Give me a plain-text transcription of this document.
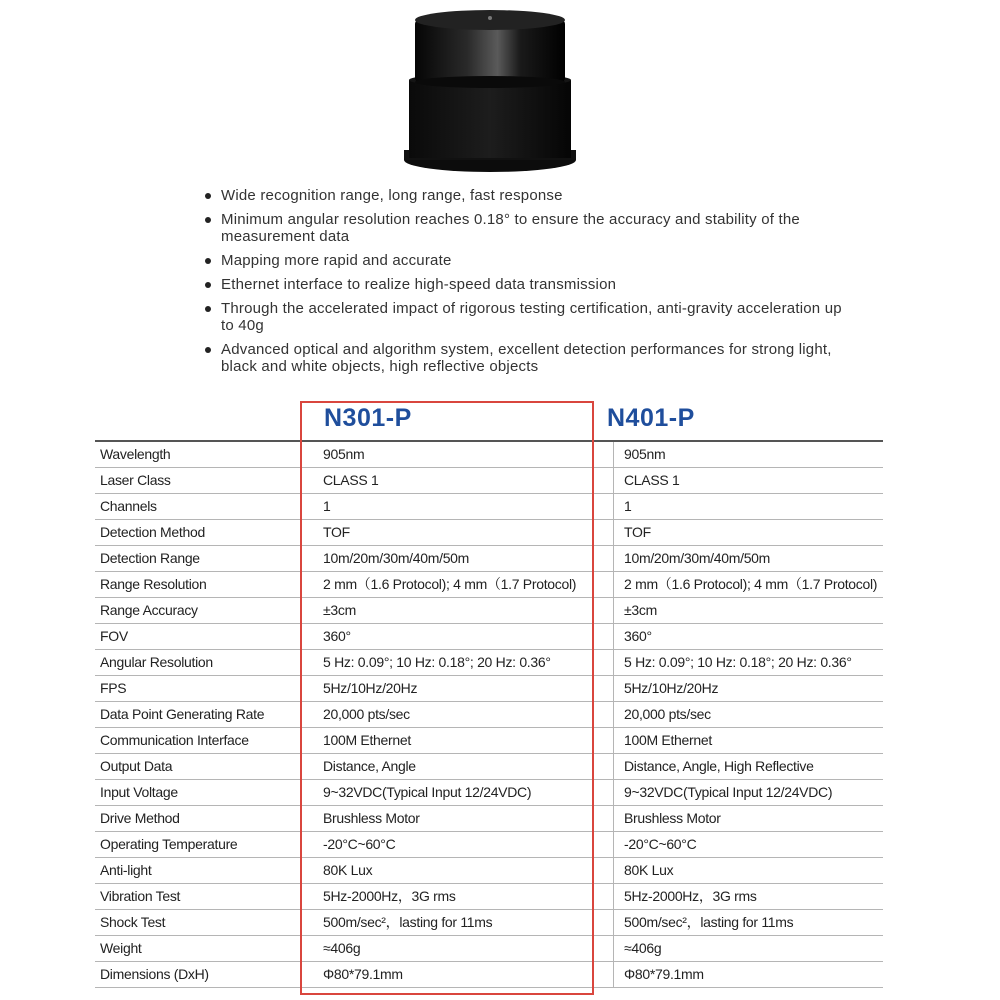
Wide recognition range, long range, fast response
Minimum angular resolution reaches 0.18° to ensure the accuracy and stability of the measurement data
Mapping more rapid and accurate
Ethernet interface to realize high-speed data transmission
Through the accelerated impact of rigorous testing certification, anti-gravity acceleration up to 40g
Advanced optical and algorithm system, excellent detection performances for strong light, black and white objects, high reflective objects
N301-P	N401-P
Wavelength	905nm	905nm
Laser Class	CLASS 1	CLASS 1
Channels	1	1
Detection Method	TOF	TOF
Detection Range	10m/20m/30m/40m/50m	10m/20m/30m/40m/50m
Range Resolution	2 mm（1.6 Protocol); 4 mm（1.7 Protocol)	2 mm（1.6 Protocol); 4 mm（1.7 Protocol)
Range Accuracy	±3cm	±3cm
FOV	360°	360°
Angular Resolution	5 Hz: 0.09°; 10 Hz: 0.18°; 20 Hz: 0.36°	5 Hz: 0.09°; 10 Hz: 0.18°; 20 Hz: 0.36°
FPS	5Hz/10Hz/20Hz	5Hz/10Hz/20Hz
Data Point Generating Rate	20,000 pts/sec	20,000 pts/sec
Communication Interface	100M Ethernet	100M Ethernet
Output Data	Distance, Angle	Distance, Angle, High Reflective
Input Voltage	9~32VDC(Typical Input 12/24VDC)	9~32VDC(Typical Input 12/24VDC)
Drive Method	Brushless Motor	Brushless Motor
Operating Temperature	-20°C~60°C	-20°C~60°C
Anti-light	80K Lux	80K Lux
Vibration Test	5Hz-2000Hz，3G rms	5Hz-2000Hz，3G rms
Shock Test	500m/sec²，lasting for 11ms	500m/sec²，lasting for 11ms
Weight	≈406g	≈406g
Dimensions (DxH)	Φ80*79.1mm	Φ80*79.1mm
